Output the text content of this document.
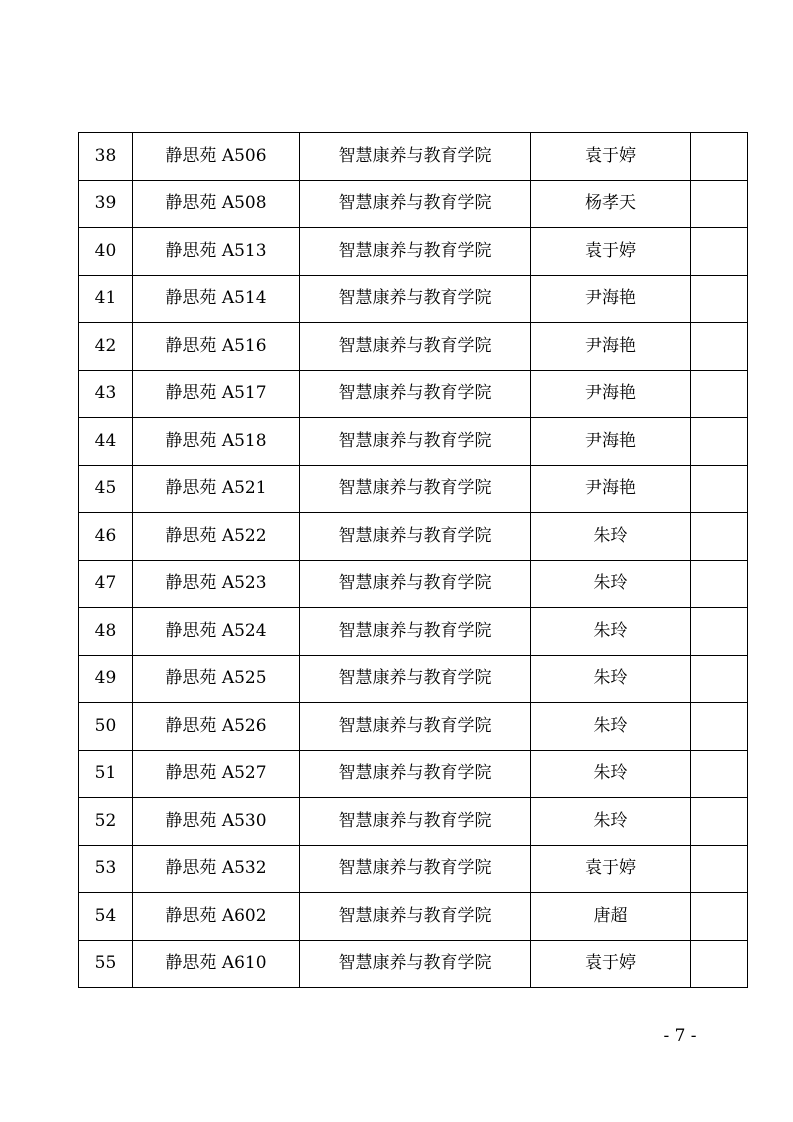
38	静思苑 A506	智慧康养与教育学院	袁于婷	
39	静思苑 A508	智慧康养与教育学院	杨孝天	
40	静思苑 A513	智慧康养与教育学院	袁于婷	
41	静思苑 A514	智慧康养与教育学院	尹海艳	
42	静思苑 A516	智慧康养与教育学院	尹海艳	
43	静思苑 A517	智慧康养与教育学院	尹海艳	
44	静思苑 A518	智慧康养与教育学院	尹海艳	
45	静思苑 A521	智慧康养与教育学院	尹海艳	
46	静思苑 A522	智慧康养与教育学院	朱玲	
47	静思苑 A523	智慧康养与教育学院	朱玲	
48	静思苑 A524	智慧康养与教育学院	朱玲	
49	静思苑 A525	智慧康养与教育学院	朱玲	
50	静思苑 A526	智慧康养与教育学院	朱玲	
51	静思苑 A527	智慧康养与教育学院	朱玲	
52	静思苑 A530	智慧康养与教育学院	朱玲	
53	静思苑 A532	智慧康养与教育学院	袁于婷	
54	静思苑 A602	智慧康养与教育学院	唐超	
55	静思苑 A610	智慧康养与教育学院	袁于婷	
- 7 -
